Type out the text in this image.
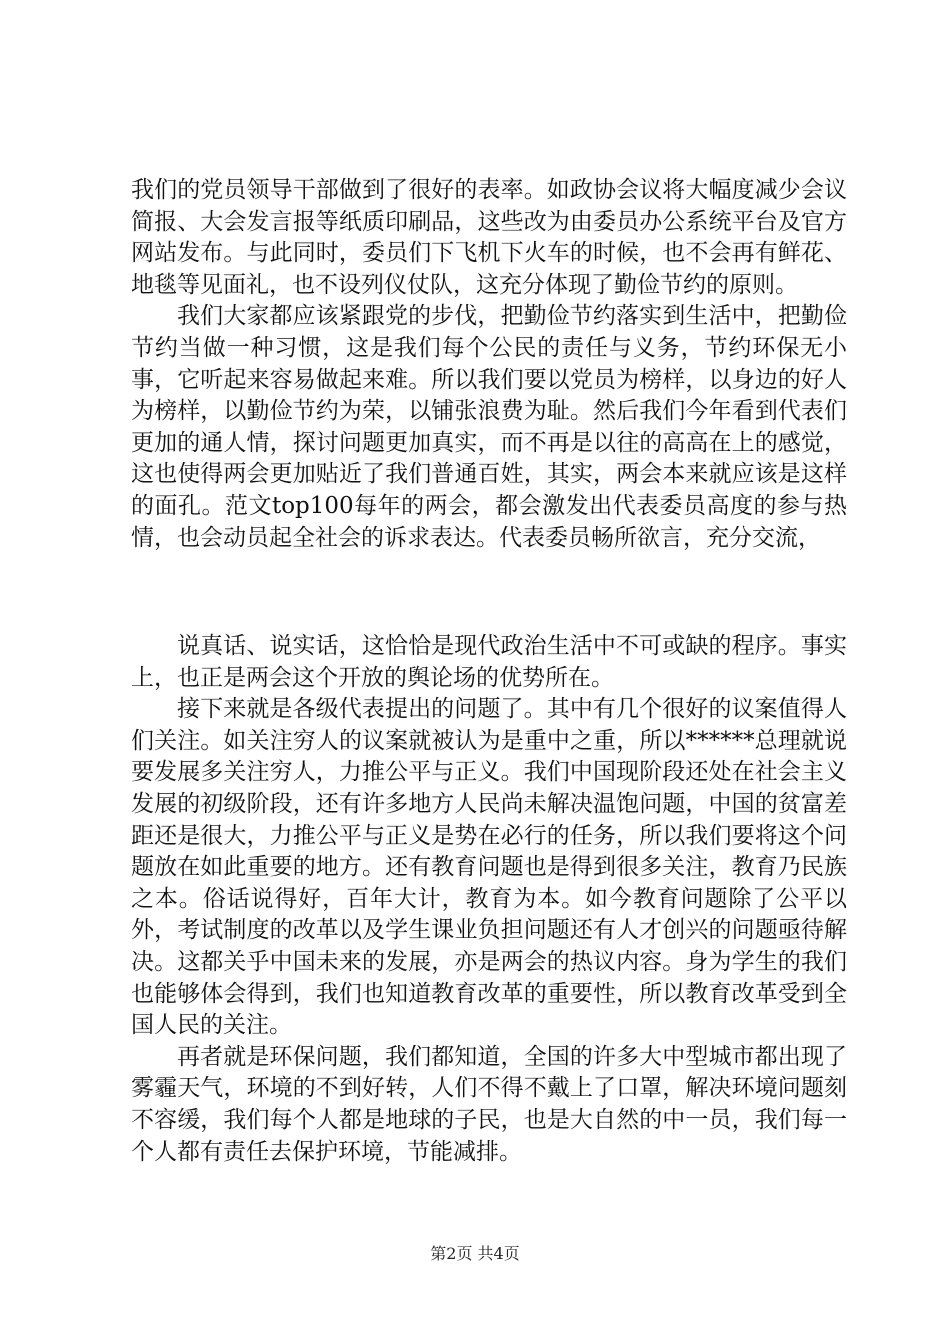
我们的党员领导干部做到了很好的表率。如政协会议将大幅度减少会议简报、大会发言报等纸质印刷品，这些改为由委员办公系统平台及官方网站发布。与此同时，委员们下飞机下火车的时候，也不会再有鲜花、地毯等见面礼，也不设列仪仗队，这充分体现了勤俭节约的原则。

我们大家都应该紧跟党的步伐，把勤俭节约落实到生活中，把勤俭节约当做一种习惯，这是我们每个公民的责任与义务，节约环保无小事，它听起来容易做起来难。所以我们要以党员为榜样，以身边的好人为榜样，以勤俭节约为荣，以铺张浪费为耻。然后我们今年看到代表们更加的通人情，探讨问题更加真实，而不再是以往的高高在上的感觉，这也使得两会更加贴近了我们普通百姓，其实，两会本来就应该是这样的面孔。范文top100每年的两会，都会激发出代表委员高度的参与热情，也会动员起全社会的诉求表达。代表委员畅所欲言，充分交流，

说真话、说实话，这恰恰是现代政治生活中不可或缺的程序。事实上，也正是两会这个开放的舆论场的优势所在。

接下来就是各级代表提出的问题了。其中有几个很好的议案值得人们关注。如关注穷人的议案就被认为是重中之重，所以******总理就说要发展多关注穷人，力推公平与正义。我们中国现阶段还处在社会主义发展的初级阶段，还有许多地方人民尚未解决温饱问题，中国的贫富差距还是很大，力推公平与正义是势在必行的任务，所以我们要将这个问题放在如此重要的地方。还有教育问题也是得到很多关注，教育乃民族之本。俗话说得好，百年大计，教育为本。如今教育问题除了公平以外，考试制度的改革以及学生课业负担问题还有人才创兴的问题亟待解决。这都关乎中国未来的发展，亦是两会的热议内容。身为学生的我们也能够体会得到，我们也知道教育改革的重要性，所以教育改革受到全国人民的关注。

再者就是环保问题，我们都知道，全国的许多大中型城市都出现了雾霾天气，环境的不到好转，人们不得不戴上了口罩，解决环境问题刻不容缓，我们每个人都是地球的子民，也是大自然的中一员，我们每一个人都有责任去保护环境，节能减排。

第2页 共4页
